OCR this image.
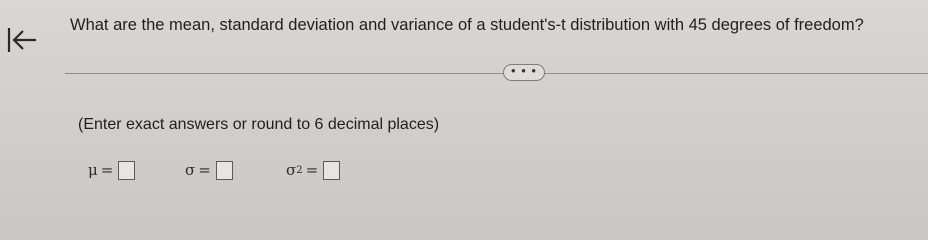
What are the mean, standard deviation and variance of a student's-t distribution with 45 degrees of freedom?
• • •
(Enter exact answers or round to 6 decimal places)
μ =	σ =	σ 2 =
